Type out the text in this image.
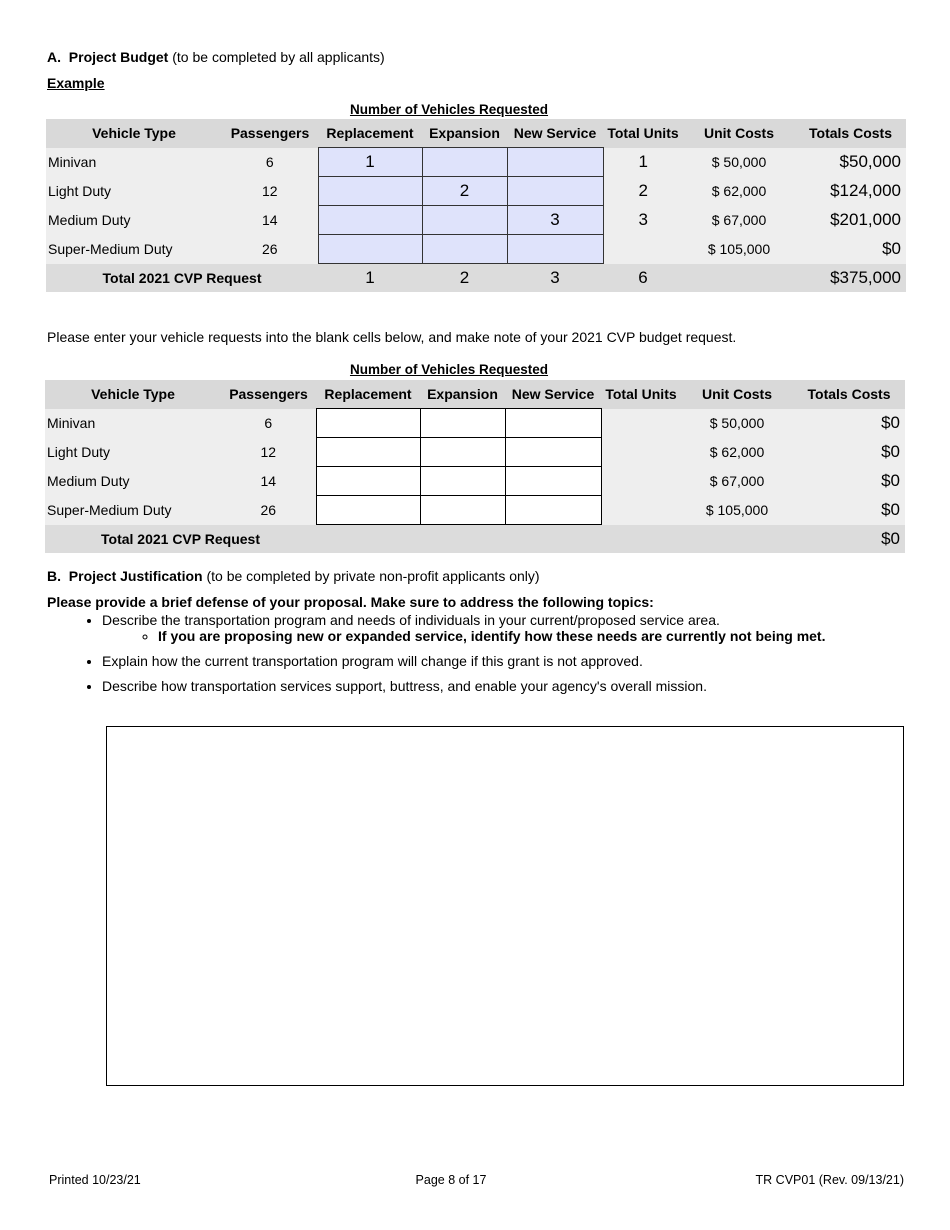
A. Project Budget (to be completed by all applicants)
Example
Number of Vehicles Requested
Vehicle Type	Passengers	Replacement	Expansion	New Service	Total Units	Unit Costs	Totals Costs
Minivan	6	1			1	$ 50,000	$50,000
Light Duty	12		2		2	$ 62,000	$124,000
Medium Duty	14			3	3	$ 67,000	$201,000
Super-Medium Duty	26					$ 105,000	$0
Total 2021 CVP Request		1	2	3	6		$375,000
Please enter your vehicle requests into the blank cells below, and make note of your 2021 CVP budget request.
Number of Vehicles Requested
Vehicle Type	Passengers	Replacement	Expansion	New Service	Total Units	Unit Costs	Totals Costs
Minivan	6					$ 50,000	$0
Light Duty	12					$ 62,000	$0
Medium Duty	14					$ 67,000	$0
Super-Medium Duty	26					$ 105,000	$0
Total 2021 CVP Request							$0
B. Project Justification (to be completed by private non-profit applicants only)
Please provide a brief defense of your proposal. Make sure to address the following topics:
• Describe the transportation program and needs of individuals in your current/proposed service area.
◦ If you are proposing new or expanded service, identify how these needs are currently not being met.
• Explain how the current transportation program will change if this grant is not approved.
• Describe how transportation services support, buttress, and enable your agency's overall mission.
Printed 10/23/21	Page 8 of 17	TR CVP01 (Rev. 09/13/21)
